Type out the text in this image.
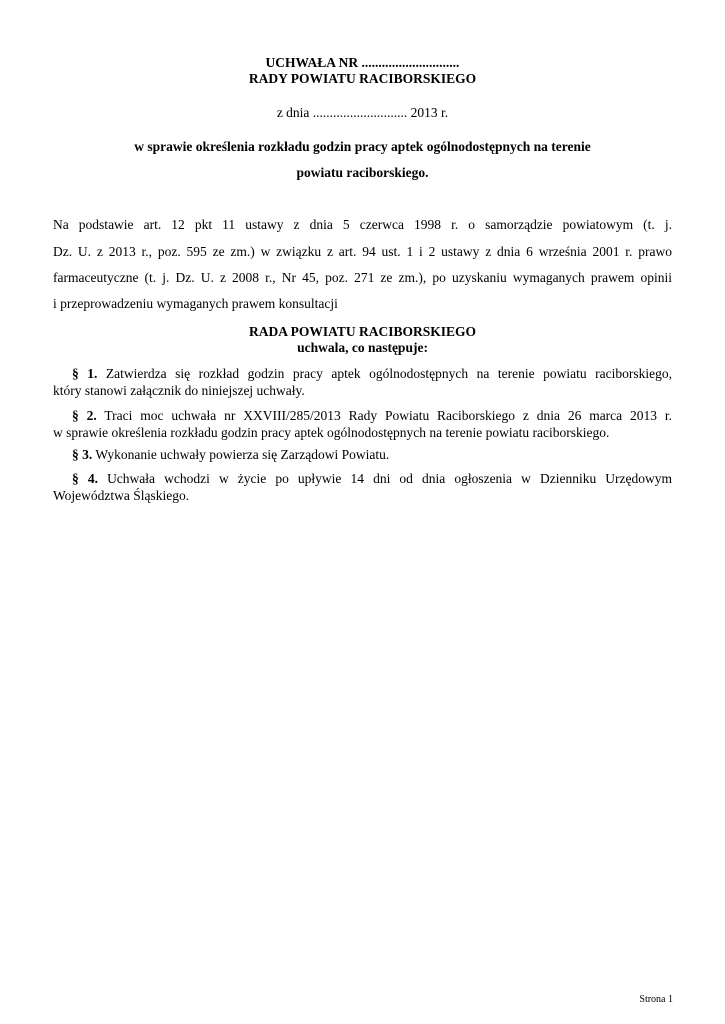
UCHWAŁA NR .............................
RADY POWIATU RACIBORSKIEGO
z dnia ............................ 2013 r.
w sprawie określenia rozkładu godzin pracy aptek ogólnodostępnych na terenie
powiatu raciborskiego.
Na podstawie art. 12 pkt 11 ustawy z dnia 5 czerwca 1998 r. o samorządzie powiatowym (t. j.
Dz. U. z 2013 r., poz. 595 ze zm.) w związku z art. 94 ust. 1 i 2 ustawy z dnia 6 września 2001 r. prawo
farmaceutyczne (t. j. Dz. U. z 2008 r., Nr 45, poz. 271 ze zm.), po uzyskaniu wymaganych prawem opinii
i przeprowadzeniu wymaganych prawem konsultacji
RADA POWIATU RACIBORSKIEGO
uchwala, co następuje:
§ 1. Zatwierdza się rozkład godzin pracy aptek ogólnodostępnych na terenie powiatu raciborskiego,
który stanowi załącznik do niniejszej uchwały.
§ 2. Traci moc uchwała nr XXVIII/285/2013 Rady Powiatu Raciborskiego z dnia 26 marca 2013 r.
w sprawie określenia rozkładu godzin pracy aptek ogólnodostępnych na terenie powiatu raciborskiego.
§ 3. Wykonanie uchwały powierza się Zarządowi Powiatu.
§ 4. Uchwała wchodzi w życie po upływie 14 dni od dnia ogłoszenia w Dzienniku Urzędowym
Województwa Śląskiego.
Strona 1
